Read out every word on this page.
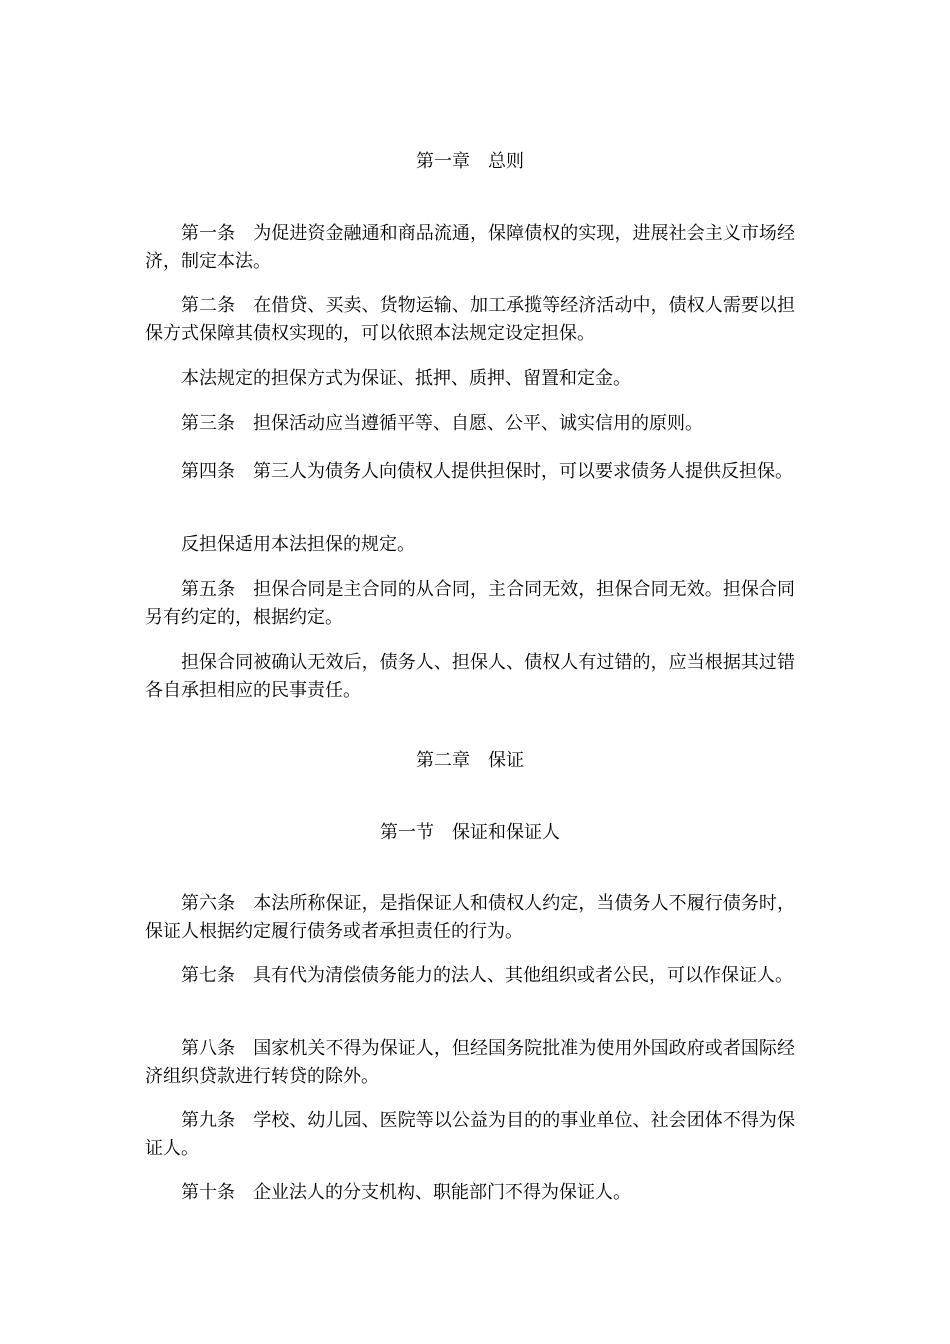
第一章　总则

第一条　为促进资金融通和商品流通，保障债权的实现，进展社会主义市场经济，制定本法。

第二条　在借贷、买卖、货物运输、加工承揽等经济活动中，债权人需要以担保方式保障其债权实现的，可以依照本法规定设定担保。

本法规定的担保方式为保证、抵押、质押、留置和定金。

第三条　担保活动应当遵循平等、自愿、公平、诚实信用的原则。

第四条　第三人为债务人向债权人提供担保时，可以要求债务人提供反担保。

反担保适用本法担保的规定。

第五条　担保合同是主合同的从合同，主合同无效，担保合同无效。担保合同另有约定的，根据约定。

担保合同被确认无效后，债务人、担保人、债权人有过错的，应当根据其过错各自承担相应的民事责任。

第二章　保证
第一节　保证和保证人

第六条　本法所称保证，是指保证人和债权人约定，当债务人不履行债务时，保证人根据约定履行债务或者承担责任的行为。

第七条　具有代为清偿债务能力的法人、其他组织或者公民，可以作保证人。

第八条　国家机关不得为保证人，但经国务院批准为使用外国政府或者国际经济组织贷款进行转贷的除外。

第九条　学校、幼儿园、医院等以公益为目的的事业单位、社会团体不得为保证人。

第十条　企业法人的分支机构、职能部门不得为保证人。
